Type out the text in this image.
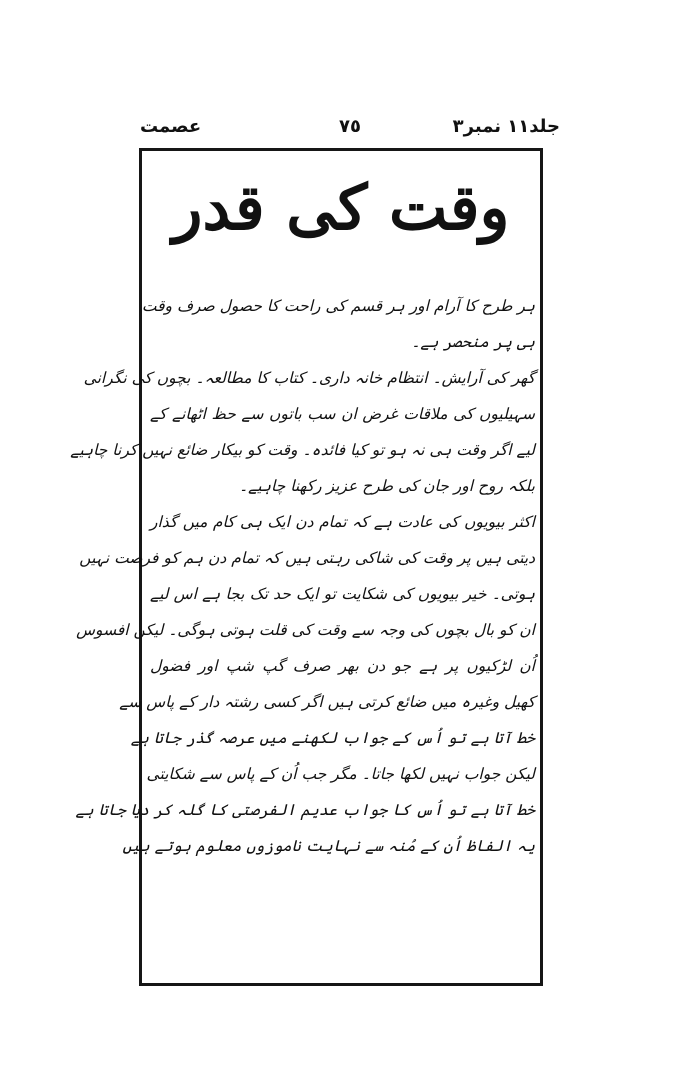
جلد١١ نمبر٣
٧٥
عصمت
وقت کی قدر
ہر طرح کا آرام اور ہر قسم کی راحت کا حصول صرف وقت
ہی پر منحصر ہے۔
گھر کی آرایش۔ انتظام خانہ داری۔ کتاب کا مطالعہ۔ بچوں کی نگرانی
سہیلیوں کی ملاقات غرض ان سب باتوں سے حظ اٹھانے کے
لیے اگر وقت ہی نہ ہو تو کیا فائدہ۔ وقت کو بیکار ضائع نہیں کرنا چاہیے
بلکہ روح اور جان کی طرح عزیز رکھنا چاہیے۔
اکثر بیویوں کی عادت ہے کہ تمام دن ایک ہی کام میں گذار
دیتی ہیں پر وقت کی شاکی رہتی ہیں کہ تمام دن ہم کو فرصت نہیں
ہوتی۔ خیر بیویوں کی شکایت تو ایک حد تک بجا ہے اس لیے
ان کو بال بچوں کی وجہ سے وقت کی قلت ہوتی ہوگی۔ لیکن افسوس
اُن لڑکیوں پر ہے جو دن بھر صرف گپ شپ اور فضول
کھیل وغیرہ میں ضائع کرتی ہیں اگر کسی رشتہ دار کے پاس سے
خط آتا ہے تو اُس کے جواب لکھنے میں عرصہ گذر جاتا ہے
لیکن جواب نہیں لکھا جاتا۔ مگر جب اُن کے پاس سے شکایتی
خط آتا ہے تو اُس کا جواب عدیم الفرصتی کا گلہ کر دیا جاتا ہے
یہ الفاظ اُن کے مُنہ سے نہایت ناموزوں معلوم ہوتے ہیں
